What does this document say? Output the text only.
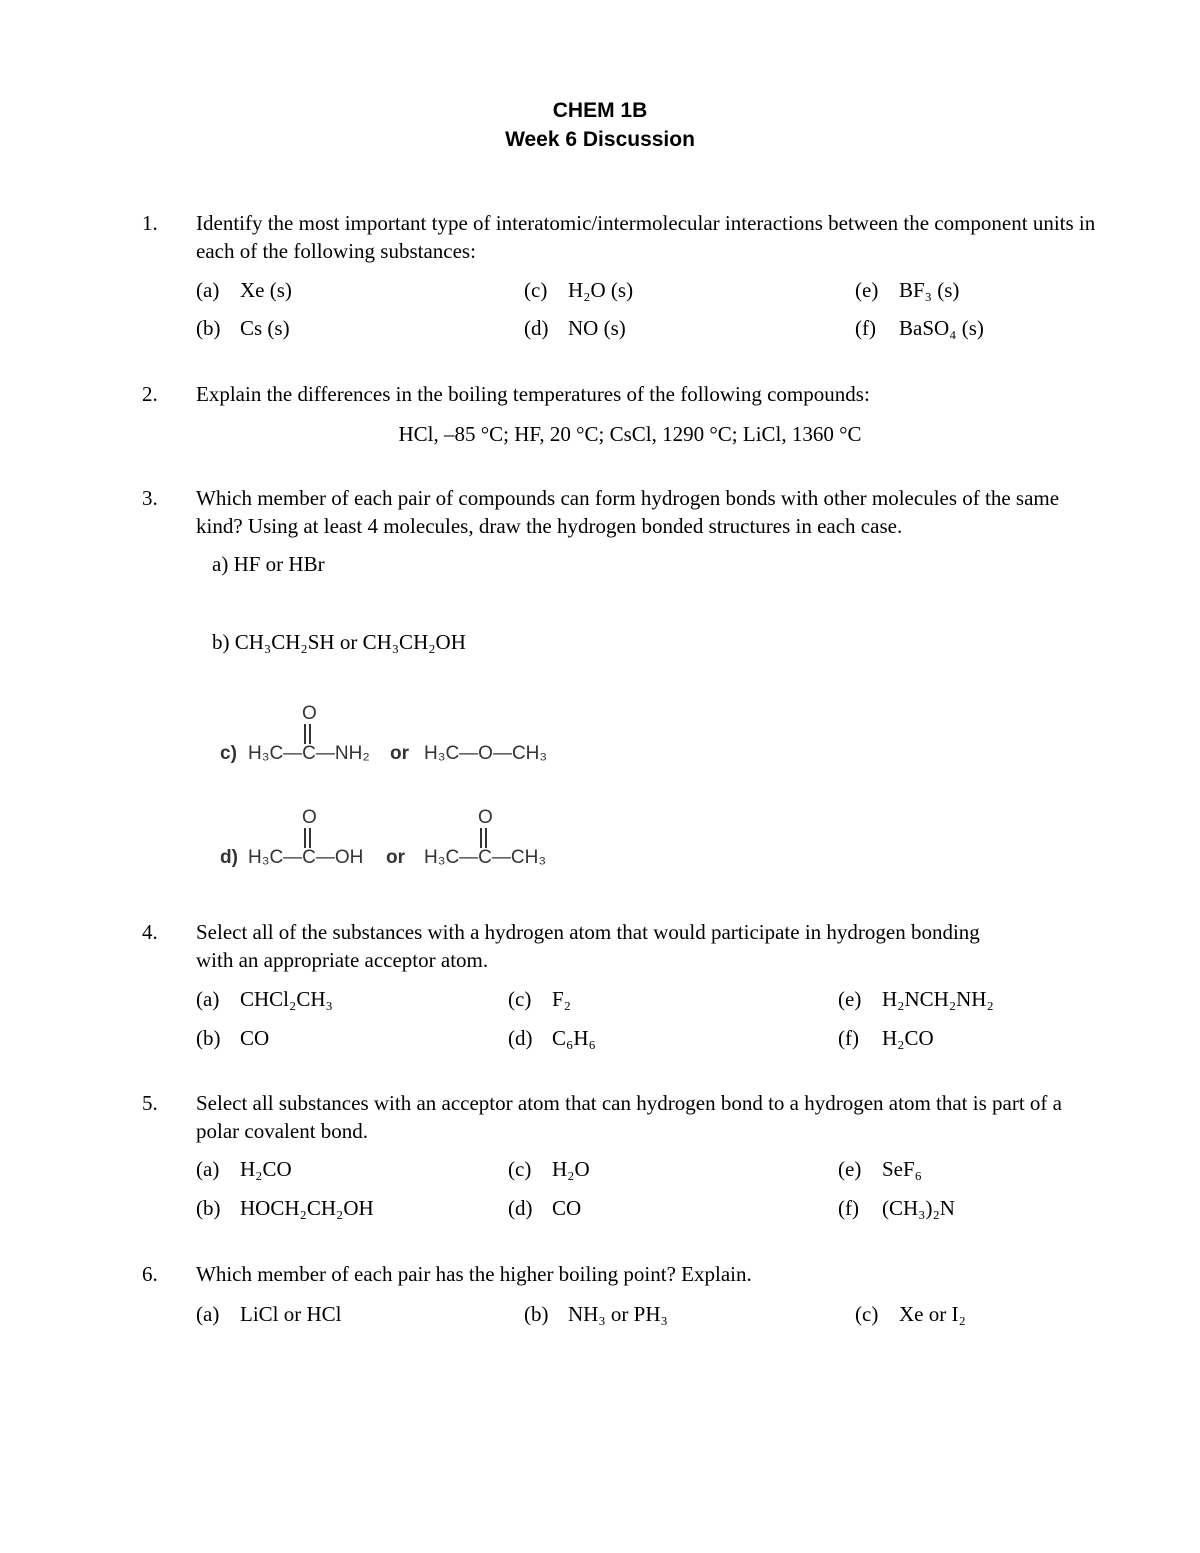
CHEM 1B
Week 6 Discussion
1. Identify the most important type of interatomic/intermolecular interactions between the component units in each of the following substances:
(a) Xe (s)
(b) Cs (s)
(c) H₂O (s)
(d) NO (s)
(e) BF₃ (s)
(f) BaSO₄ (s)
2. Explain the differences in the boiling temperatures of the following compounds:
HCl, –85 °C; HF, 20 °C; CsCl, 1290 °C; LiCl, 1360 °C
3. Which member of each pair of compounds can form hydrogen bonds with other molecules of the same kind? Using at least 4 molecules, draw the hydrogen bonded structures in each case.
a) HF or HBr
b) CH₃CH₂SH or CH₃CH₂OH
c)
O
H₃C—C—NH₂ or H₃C—O—CH₃
d)
O
H₃C—C—OH or
O
H₃C—C—CH₃
4. Select all of the substances with a hydrogen atom that would participate in hydrogen bonding with an appropriate acceptor atom.
(a) CHCl₂CH₃
(b) CO
(c) F₂
(d) C₆H₆
(e) H₂NCH₂NH₂
(f) H₂CO
5. Select all substances with an acceptor atom that can hydrogen bond to a hydrogen atom that is part of a polar covalent bond.
(a) H₂CO
(b) HOCH₂CH₂OH
(c) H₂O
(d) CO
(e) SeF₆
(f) (CH₃)₂N
6. Which member of each pair has the higher boiling point? Explain.
(a) LiCl or HCl	(b) NH₃ or PH₃	(c) Xe or I₂
